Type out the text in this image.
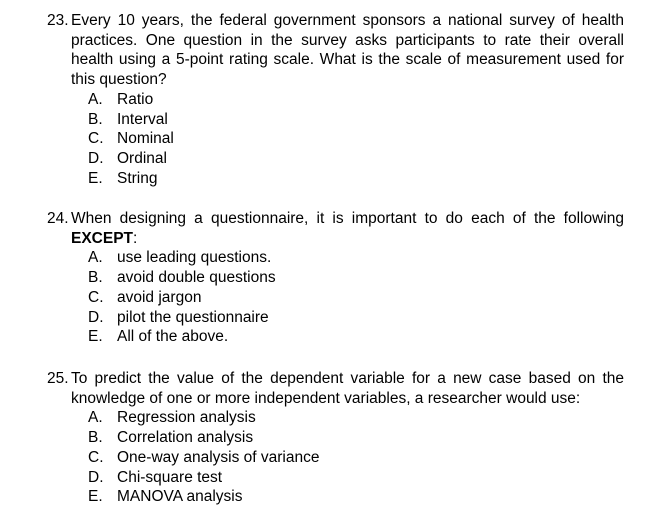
23. Every 10 years, the federal government sponsors a national survey of health practices. One question in the survey asks participants to rate their overall health using a 5-point rating scale. What is the scale of measurement used for this question?
A. Ratio
B. Interval
C. Nominal
D. Ordinal
E. String
24. When designing a questionnaire, it is important to do each of the following EXCEPT:
A. use leading questions.
B. avoid double questions
C. avoid jargon
D. pilot the questionnaire
E. All of the above.
25. To predict the value of the dependent variable for a new case based on the knowledge of one or more independent variables, a researcher would use:
A. Regression analysis
B. Correlation analysis
C. One-way analysis of variance
D. Chi-square test
E. MANOVA analysis
